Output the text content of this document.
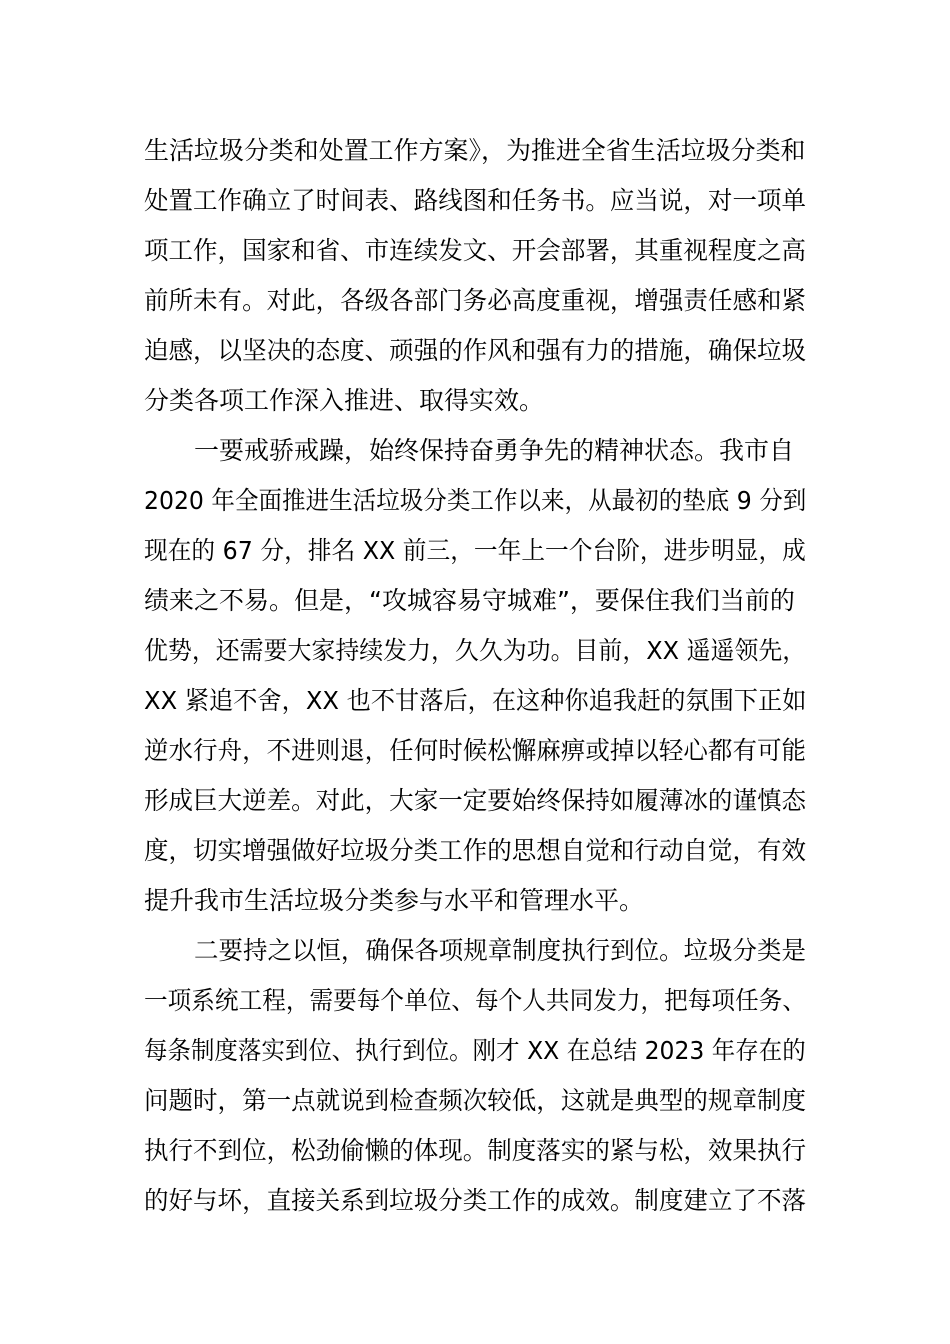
生活垃圾分类和处置工作方案》，为推进全省生活垃圾分类和
处置工作确立了时间表、路线图和任务书。应当说，对一项单
项工作，国家和省、市连续发文、开会部署，其重视程度之高
前所未有。对此，各级各部门务必高度重视，增强责任感和紧
迫感，以坚决的态度、顽强的作风和强有力的措施，确保垃圾
分类各项工作深入推进、取得实效。
一要戒骄戒躁，始终保持奋勇争先的精神状态。我市自
2020 年全面推进生活垃圾分类工作以来，从最初的垫底 9 分到
现在的 67 分，排名 XX 前三，一年上一个台阶，进步明显，成
绩来之不易。但是，“攻城容易守城难”，要保住我们当前的
优势，还需要大家持续发力，久久为功。目前，XX 遥遥领先，
XX 紧追不舍，XX 也不甘落后，在这种你追我赶的氛围下正如
逆水行舟，不进则退，任何时候松懈麻痹或掉以轻心都有可能
形成巨大逆差。对此，大家一定要始终保持如履薄冰的谨慎态
度，切实增强做好垃圾分类工作的思想自觉和行动自觉，有效
提升我市生活垃圾分类参与水平和管理水平。
二要持之以恒，确保各项规章制度执行到位。垃圾分类是
一项系统工程，需要每个单位、每个人共同发力，把每项任务、
每条制度落实到位、执行到位。刚才 XX 在总结 2023 年存在的
问题时，第一点就说到检查频次较低，这就是典型的规章制度
执行不到位，松劲偷懒的体现。制度落实的紧与松，效果执行
的好与坏，直接关系到垃圾分类工作的成效。制度建立了不落
